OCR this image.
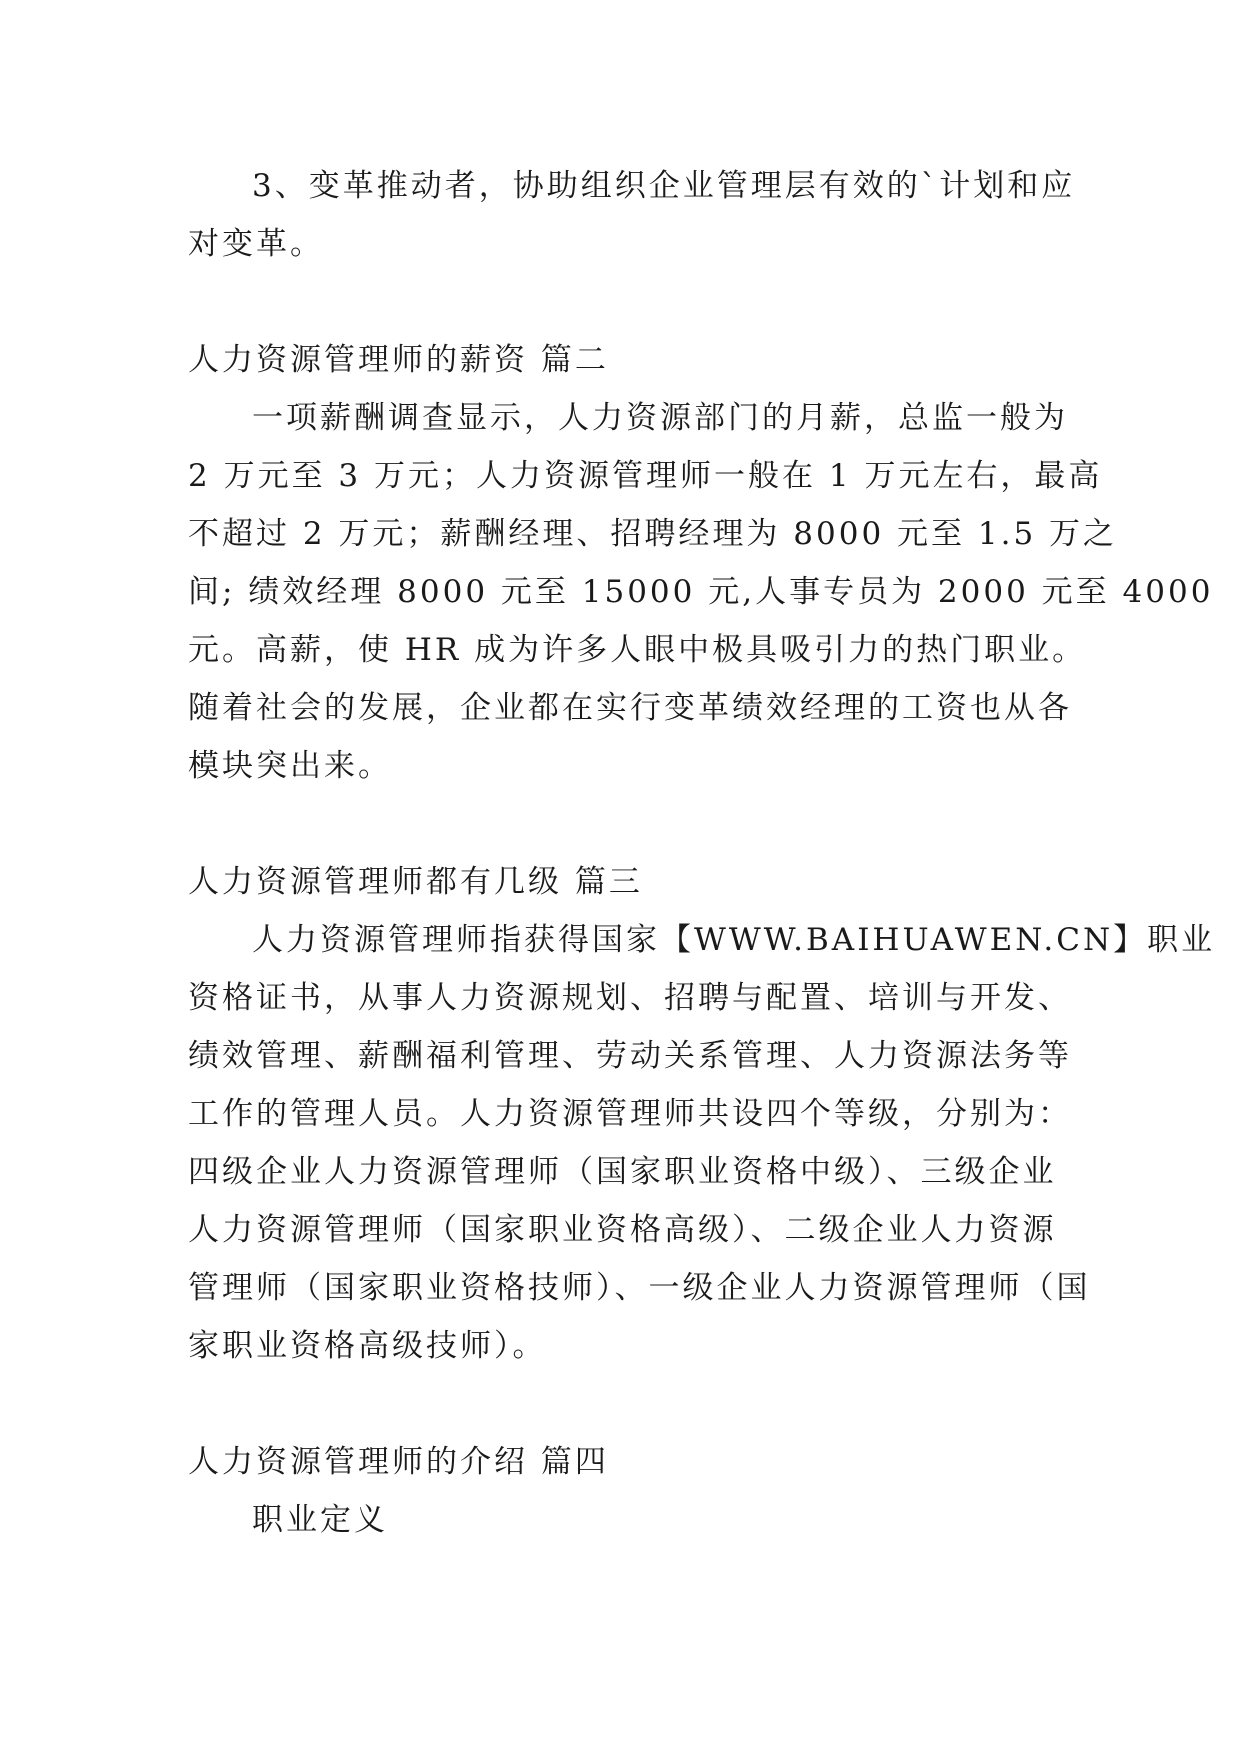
3、变革推动者，协助组织企业管理层有效的`计划和应
对变革。
人力资源管理师的薪资 篇二
一项薪酬调查显示，人力资源部门的月薪，总监一般为
2 万元至 3 万元；人力资源管理师一般在 1 万元左右，最高
不超过 2 万元；薪酬经理、招聘经理为 8000 元至 1.5 万之
间; 绩效经理 8000 元至 15000 元,人事专员为 2000 元至 4000
元。高薪，使 HR 成为许多人眼中极具吸引力的热门职业。
随着社会的发展，企业都在实行变革绩效经理的工资也从各
模块突出来。
人力资源管理师都有几级 篇三
人力资源管理师指获得国家【WWW.BAIHUAWEN.CN】职业
资格证书，从事人力资源规划、招聘与配置、培训与开发、
绩效管理、薪酬福利管理、劳动关系管理、人力资源法务等
工作的管理人员。人力资源管理师共设四个等级，分别为：
四级企业人力资源管理师（国家职业资格中级）、三级企业
人力资源管理师（国家职业资格高级）、二级企业人力资源
管理师（国家职业资格技师）、一级企业人力资源管理师（国
家职业资格高级技师）。
人力资源管理师的介绍 篇四
职业定义
